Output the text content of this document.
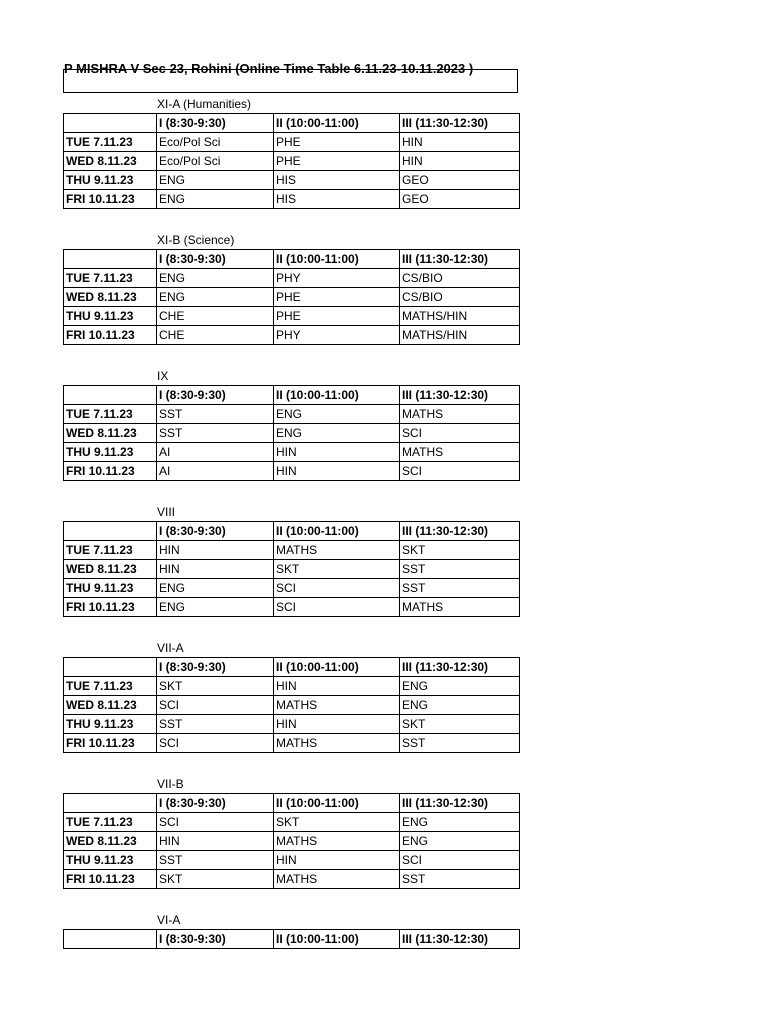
P MISHRA V Sec 23, Rohini (Online Time Table 6.11.23-10.11.2023 )
XI-A (Humanities)
	I (8:30-9:30)	II (10:00-11:00)	III (11:30-12:30)
TUE 7.11.23	Eco/Pol Sci	PHE	HIN
WED 8.11.23	Eco/Pol Sci	PHE	HIN
THU 9.11.23	ENG	HIS	GEO
FRI 10.11.23	ENG	HIS	GEO
XI-B (Science)
	I (8:30-9:30)	II (10:00-11:00)	III (11:30-12:30)
TUE 7.11.23	ENG	PHY	CS/BIO
WED 8.11.23	ENG	PHE	CS/BIO
THU 9.11.23	CHE	PHE	MATHS/HIN
FRI 10.11.23	CHE	PHY	MATHS/HIN
IX
	I (8:30-9:30)	II (10:00-11:00)	III (11:30-12:30)
TUE 7.11.23	SST	ENG	MATHS
WED 8.11.23	SST	ENG	SCI
THU 9.11.23	AI	HIN	MATHS
FRI 10.11.23	AI	HIN	SCI
VIII
	I (8:30-9:30)	II (10:00-11:00)	III (11:30-12:30)
TUE 7.11.23	HIN	MATHS	SKT
WED 8.11.23	HIN	SKT	SST
THU 9.11.23	ENG	SCI	SST
FRI 10.11.23	ENG	SCI	MATHS
VII-A
	I (8:30-9:30)	II (10:00-11:00)	III (11:30-12:30)
TUE 7.11.23	SKT	HIN	ENG
WED 8.11.23	SCI	MATHS	ENG
THU 9.11.23	SST	HIN	SKT
FRI 10.11.23	SCI	MATHS	SST
VII-B
	I (8:30-9:30)	II (10:00-11:00)	III (11:30-12:30)
TUE 7.11.23	SCI	SKT	ENG
WED 8.11.23	HIN	MATHS	ENG
THU 9.11.23	SST	HIN	SCI
FRI 10.11.23	SKT	MATHS	SST
VI-A
	I (8:30-9:30)	II (10:00-11:00)	III (11:30-12:30)
